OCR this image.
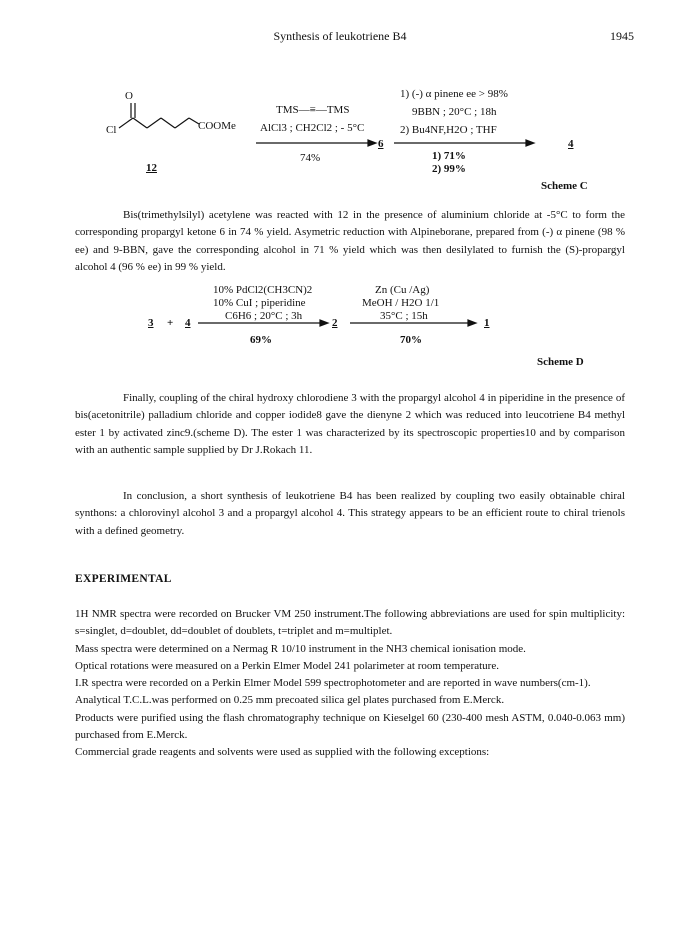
Synthesis of leukotriene B4	1945
O
Cl	COOMe
12
TMS—≡—TMS
AlCl3 ; CH2Cl2 ; - 5°C
74%
6
1) (-) α pinene ee > 98%
9BBN ; 20°C ; 18h
2) Bu4NF,H2O ; THF
1) 71%
2) 99%
4
Scheme C

Bis(trimethylsilyl) acetylene was reacted with 12 in the presence of aluminium chloride at -5°C to form the corresponding propargyl ketone 6 in 74 % yield. Asymetric reduction with Alpineborane, prepared from (-) α pinene (98 % ee) and 9-BBN, gave the corresponding alcohol in 71 % yield which was then desilylated to furnish the (S)-propargyl alcohol 4 (96 % ee) in 99 % yield.

3 + 4
10% PdCl2(CH3CN)2
10% CuI ; piperidine
C6H6 ; 20°C ; 3h
69%
2
Zn (Cu /Ag)
MeOH / H2O 1/1
35°C ; 15h
70%
1
Scheme D

Finally, coupling of the chiral hydroxy chlorodiene 3 with the propargyl alcohol 4 in piperidine in the presence of bis(acetonitrile) palladium chloride and copper iodide8 gave the dienyne 2 which was reduced into leucotriene B4 methyl ester 1 by activated zinc9.(scheme D). The ester 1 was characterized by its spectroscopic properties10 and by comparison with an authentic sample supplied by Dr J.Rokach 11.

In conclusion, a short synthesis of leukotriene B4 has been realized by coupling two easily obtainable chiral synthons: a chlorovinyl alcohol 3 and a propargyl alcohol 4. This strategy appears to be an efficient route to chiral trienols with a defined geometry.

EXPERIMENTAL

1H NMR spectra were recorded on Brucker VM 250 instrument.The following abbreviations are used for spin multiplicity: s=singlet, d=doublet, dd=doublet of doublets, t=triplet and m=multiplet.

Mass spectra were determined on a Nermag R 10/10 instrument in the NH3 chemical ionisation mode.

Optical rotations were measured on a Perkin Elmer Model 241 polarimeter at room temperature.

I.R spectra were recorded on a Perkin Elmer Model 599 spectrophotometer and are reported in wave numbers(cm-1).

Analytical T.C.L.was performed on 0.25 mm precoated silica gel plates purchased from E.Merck.

Products were purified using the flash chromatography technique on Kieselgel 60 (230-400 mesh ASTM, 0.040-0.063 mm) purchased from E.Merck.

Commercial grade reagents and solvents were used as supplied with the following exceptions:
